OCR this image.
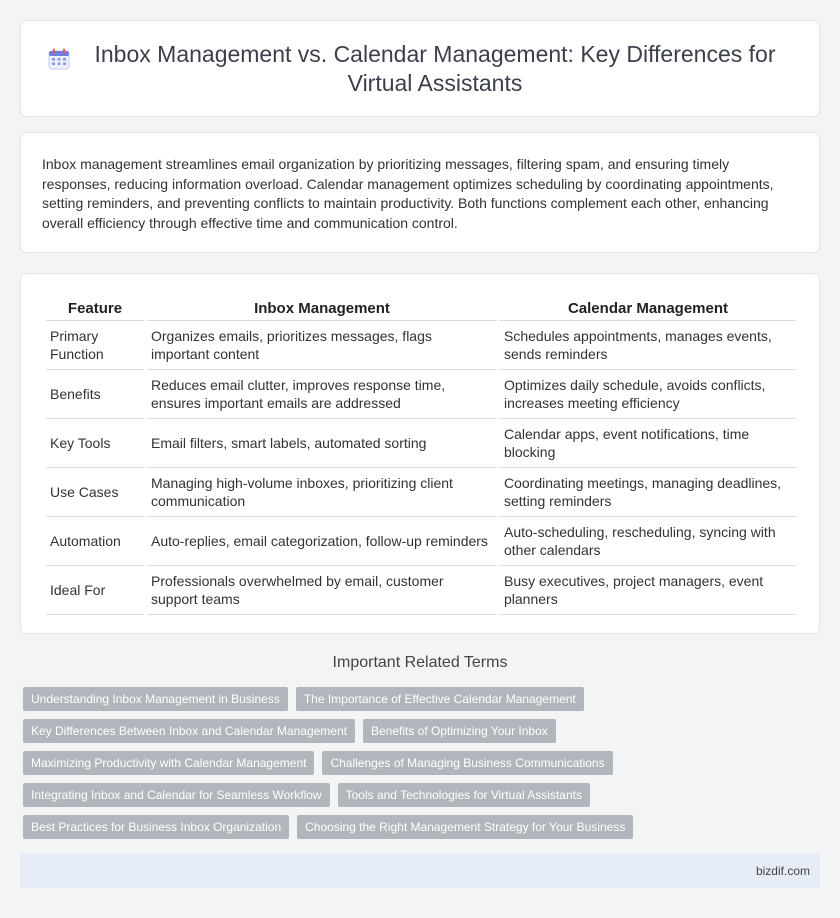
Inbox Management vs. Calendar Management: Key Differences for Virtual Assistants

Inbox management streamlines email organization by prioritizing messages, filtering spam, and ensuring timely responses, reducing information overload. Calendar management optimizes scheduling by coordinating appointments, setting reminders, and preventing conflicts to maintain productivity. Both functions complement each other, enhancing overall efficiency through effective time and communication control.

Feature	Inbox Management	Calendar Management
Primary Function	Organizes emails, prioritizes messages, flags important content	Schedules appointments, manages events, sends reminders
Benefits	Reduces email clutter, improves response time, ensures important emails are addressed	Optimizes daily schedule, avoids conflicts, increases meeting efficiency
Key Tools	Email filters, smart labels, automated sorting	Calendar apps, event notifications, time blocking
Use Cases	Managing high-volume inboxes, prioritizing client communication	Coordinating meetings, managing deadlines, setting reminders
Automation	Auto-replies, email categorization, follow-up reminders	Auto-scheduling, rescheduling, syncing with other calendars
Ideal For	Professionals overwhelmed by email, customer support teams	Busy executives, project managers, event planners
Important Related Terms
Understanding Inbox Management in Business	The Importance of Effective Calendar Management
Key Differences Between Inbox and Calendar Management	Benefits of Optimizing Your Inbox
Maximizing Productivity with Calendar Management	Challenges of Managing Business Communications
Integrating Inbox and Calendar for Seamless Workflow	Tools and Technologies for Virtual Assistants
Best Practices for Business Inbox Organization	Choosing the Right Management Strategy for Your Business
bizdif.com
